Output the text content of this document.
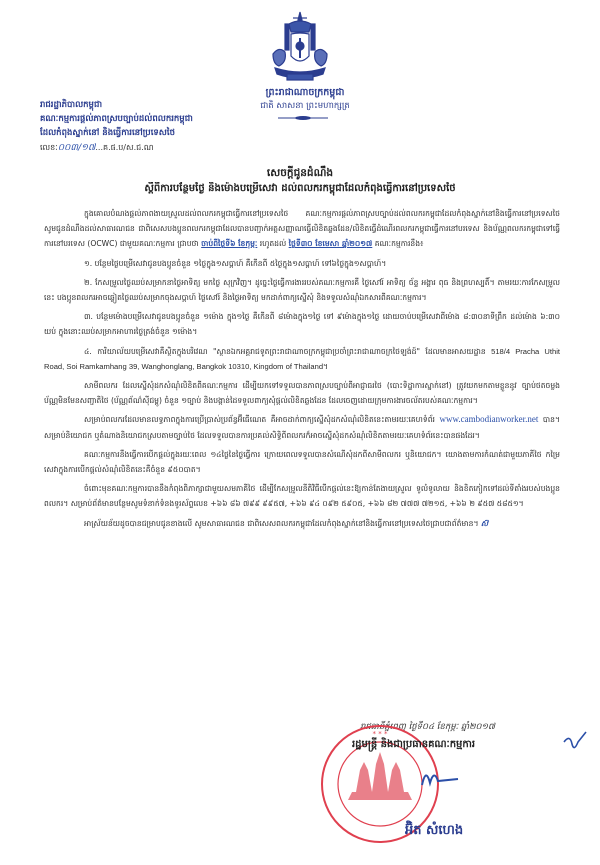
ព្រះរាជាណាចក្រកម្ពុជា
ជាតិ សាសនា ព្រះមហាក្សត្រ
រាជរដ្ឋាភិបាលកម្ពុជា
គណៈកម្មការផ្តល់ភាពស្របច្បាប់ដល់ពលករកម្ពុជា
ដែលកំពុងស្នាក់នៅ និងធ្វើការនៅប្រទេសថៃ
លេខៈ០០៣/១៧...គ.ផ.ប/ស.ជ.ណ
សេចក្តីជូនដំណឹង
ស្តីពីការបន្ថែមថ្ងៃ និងម៉ោងបម្រើសេវា ដល់ពលករកម្ពុជាដែលកំពុងធ្វើការនៅប្រទេសថៃ

ក្នុងគោលបំណងផ្តល់ភាពងាយស្រួលដល់ពលករកម្ពុជាធ្វើការនៅប្រទេសថៃ គណៈកម្មការផ្តល់ភាពស្របច្បាប់ដល់ពលករកម្ពុជាដែលកំពុងស្នាក់នៅនិងធ្វើការនៅប្រទេសថៃ សូមជូនដំណឹងដល់សាធារណជន ជាពិសេសបងប្អូនពលករកម្ពុជាដែលបានបញ្ជាក់អត្តសញ្ញាណធ្វើលិខិតឆ្លងដែន/លិខិតធ្វើដំណើរពលករកម្ពុជាធ្វើការនៅបរទេស និងប័ណ្ណពលករកម្ពុជាទៅធ្វើការនៅបរទេស (OCWC) ជាមួយគណៈកម្មការ ជ្រាបថា ចាប់ពីថ្ងៃទី៦ ខែកុម្ភៈ រហូតដល់ ថ្ងៃទី៣០ ខែមេសា ឆ្នាំ២០១៧ គណៈកម្មការនឹង៖

១. បន្ថែមថ្ងៃបម្រើសេវាជូនបងប្អូនចំនួន ១ថ្ងៃក្នុង១សប្តាហ៍ គឺកើនពី ៥ថ្ងៃក្នុង១សប្តាហ៍ ទៅ៦ថ្ងៃក្នុង១សប្តាហ៍។

២. កែសម្រួលថ្ងៃឈប់សម្រាកនាថ្ងៃអាទិត្យ មកថ្ងៃ សុក្រវិញ។ ដូច្នេះថ្ងៃធ្វើការងាររបស់គណៈកម្មការគឺ ថ្ងៃសៅរ៍ អាទិត្យ ច័ន្ទ អង្គារ ពុធ និងព្រហស្បតិ៍។ តាមរយៈការកែសម្រួលនេះ បងប្អូនពលករអាចឆ្លៀតថ្ងៃឈប់សម្រាកចុងសប្តាហ៍ ថ្ងៃសៅរ៍ និងថ្ងៃអាទិត្យ មកដាក់ពាក្យស្នើសុំ និងទទួលសំណុំឯកសារពីគណៈកម្មការ។

៣. បន្ថែមម៉ោងបម្រើសេវាជូនបងប្អូនចំនួន ១ម៉ោង ក្នុង១ថ្ងៃ គឺកើនពី ៨ម៉ោងក្នុង១ថ្ងៃ ទៅ ៩ម៉ោងក្នុង១ថ្ងៃ ដោយចាប់បម្រើសេវាពីម៉ោង ៨:៣០នាទីព្រឹក ដល់ម៉ោង ៦:៣០ យប់ ក្នុងនោះឈប់សម្រាកអាហារថ្ងៃត្រង់ចំនួន ១ម៉ោង។

៤. ការិយាល័យបម្រើសេវាគឺស្ថិតក្នុងបរិវេណ "ស្ថានឯកអគ្គរាជទូតព្រះរាជាណាចក្រកម្ពុជាប្រចាំព្រះរាជាណាចក្រថៃឡង់ដ៍" ដែលមានអាសយដ្ឋាន 518/4 Pracha Uthit Road, Soi Ramkamhang 39, Wanghonglang, Bangkok 10310, Kingdom of Thailand។

សាមីពលករ ដែលស្នើសុំដកសំណុំលិខិតពីគណៈកម្មការ ដើម្បីយកទៅទទួលបានភាពស្របច្បាប់ពីអាជ្ញាធរថៃ (បោះទិដ្ឋាការស្នាក់នៅ) ត្រូវយកមកតាមខ្លួននូវ ច្បាប់ថតចម្លងប័ណ្ណមិនមែនសញ្ជាតិថៃ (ប័ណ្ណព័ណ៌ស៊ីជម្ពូ) ចំនួន ១ច្បាប់ និងបង្កាន់ដៃទទួលពាក្យសុំផ្តល់លិខិតឆ្លងដែន ដែលចេញដោយក្រុមការងារចល័តរបស់គណៈកម្មការ។

សម្រាប់ពលករដែលមានលទ្ធភាពក្នុងការប្រើប្រាស់ប្រព័ន្ធអ៊ីធើណេត គឺអាចដាក់ពាក្យស្នើសុំដកសំណុំលិខិតនេះតាមរយៈគេហទំព័រ www.cambodianworker.net បាន។ សម្រាប់និយោជក ឬតំណាងនិយោជកស្របតាមច្បាប់ថៃ ដែលទទួលបានការប្រគល់សិទ្ធិពីពលករក៏អាចស្នើសុំដកសំណុំលិខិតតាមរយៈគេហទំព័រនេះបានផងដែរ។

គណៈកម្មការនឹងធ្វើការបើកផ្តល់ក្នុងរយៈពេល ១៤ថ្ងៃនៃថ្ងៃធ្វើការ ក្រោយពេលទទួលបានសំណើសុំដកពីសាមីពលករ ឬនិយោជក។ យោងតាមការកំណត់ជាមួយភាគីថៃ កម្រៃសេវាក្នុងការបើកផ្តល់សំណុំលិខិតនេះគឺចំនួន ៩៥០បាត។

ចំពោះមុខគណៈកម្មការបាននឹងកំពុងពិភាក្សាជាមួយសមភាគីថៃ ដើម្បីកែសម្រួលនីតិវិធីបើកផ្តល់នេះឱ្យកាន់តែងាយស្រួល ទូលំទូលាយ និងខិតកៀកទៅដល់ទីតាំងរបស់បងប្អូនពលករ។ សម្រាប់ព័ត៌មានបន្ថែមសូមទំនាក់ទំនងទូរស័ព្ទលេខ +៦៦ ៨៦ ៧៩៩ ៩៩៥៧, +៦៦ ៩៤ ០៩២ ៥៩០៥, +៦៦ ៨២ ៧៧៧ ៧២១៥, +៦៦ ២ ៩៥៧ ៥៨៥១។

អាស្រ័យន័យដូចបានជម្រាបជូនខាងលើ សូមសាធារណជន ជាពិសេសពលករកម្ពុជាដែលកំពុងស្នាក់នៅនិងធ្វើការនៅប្រទេសថៃជ្រាបជាព័ត៌មាន។ ស៊

រាជធានីភ្នំពេញ ថ្ងៃទី០៤ ខែកុម្ភៈ ឆ្នាំ២០១៧
* * *
រដ្ឋមន្ត្រី និងជាប្រធានគណៈកម្មការ
អ៊ិត សំហេង
